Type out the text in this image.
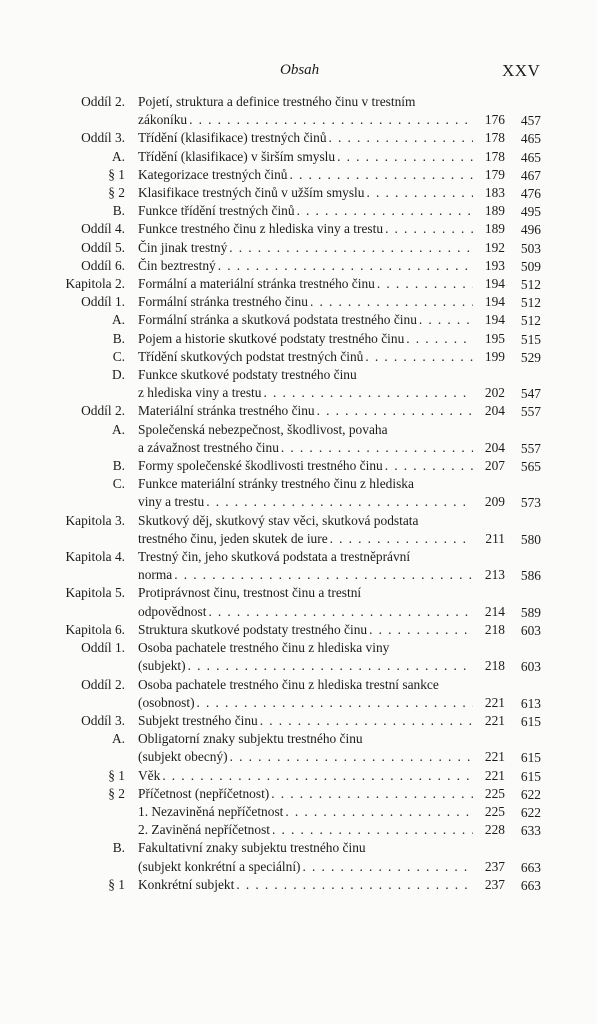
Obsah	XXV
Oddíl 2. Pojetí, struktura a definice trestného činu v trestním
zákoníku . . .	176	457
Oddíl 3. Třídění (klasifikace) trestných činů . . .	178	465
A. Třídění (klasifikace) v širším smyslu . . .	178	465
§ 1 Kategorizace trestných činů . . .	179	467
§ 2 Klasifikace trestných činů v užším smyslu . . .	183	476
B. Funkce třídění trestných činů . . .	189	495
Oddíl 4. Funkce trestného činu z hlediska viny a trestu . . .	189	496
Oddíl 5. Čin jinak trestný . . .	192	503
Oddíl 6. Čin beztrestný . . .	193	509
Kapitola 2. Formální a materiální stránka trestného činu . . .	194	512
Oddíl 1. Formální stránka trestného činu . . .	194	512
A. Formální stránka a skutková podstata trestného činu . . .	194	512
B. Pojem a historie skutkové podstaty trestného činu . . .	195	515
C. Třídění skutkových podstat trestných činů . . .	199	529
D. Funkce skutkové podstaty trestného činu
z hlediska viny a trestu . . .	202	547
Oddíl 2. Materiální stránka trestného činu . . .	204	557
A. Společenská nebezpečnost, škodlivost, povaha
a závažnost trestného činu . . .	204	557
B. Formy společenské škodlivosti trestného činu . . .	207	565
C. Funkce materiální stránky trestného činu z hlediska
viny a trestu . . .	209	573
Kapitola 3. Skutkový děj, skutkový stav věci, skutková podstata
trestného činu, jeden skutek de iure . . .	211	580
Kapitola 4. Trestný čin, jeho skutková podstata a trestněprávní
norma . . .	213	586
Kapitola 5. Protiprávnost činu, trestnost činu a trestní
odpovědnost . . .	214	589
Kapitola 6. Struktura skutkové podstaty trestného činu . . .	218	603
Oddíl 1. Osoba pachatele trestného činu z hlediska viny
(subjekt) . . .	218	603
Oddíl 2. Osoba pachatele trestného činu z hlediska trestní sankce
(osobnost) . . .	221	613
Oddíl 3. Subjekt trestného činu . . .	221	615
A. Obligatorní znaky subjektu trestného činu
(subjekt obecný) . . .	221	615
§ 1 Věk . . .	221	615
§ 2 Příčetnost (nepříčetnost) . . .	225	622
1. Nezaviněná nepříčetnost . . .	225	622
2. Zaviněná nepříčetnost . . .	228	633
B. Fakultativní znaky subjektu trestného činu
(subjekt konkrétní a speciální) . . .	237	663
§ 1 Konkrétní subjekt . . .	237	663
